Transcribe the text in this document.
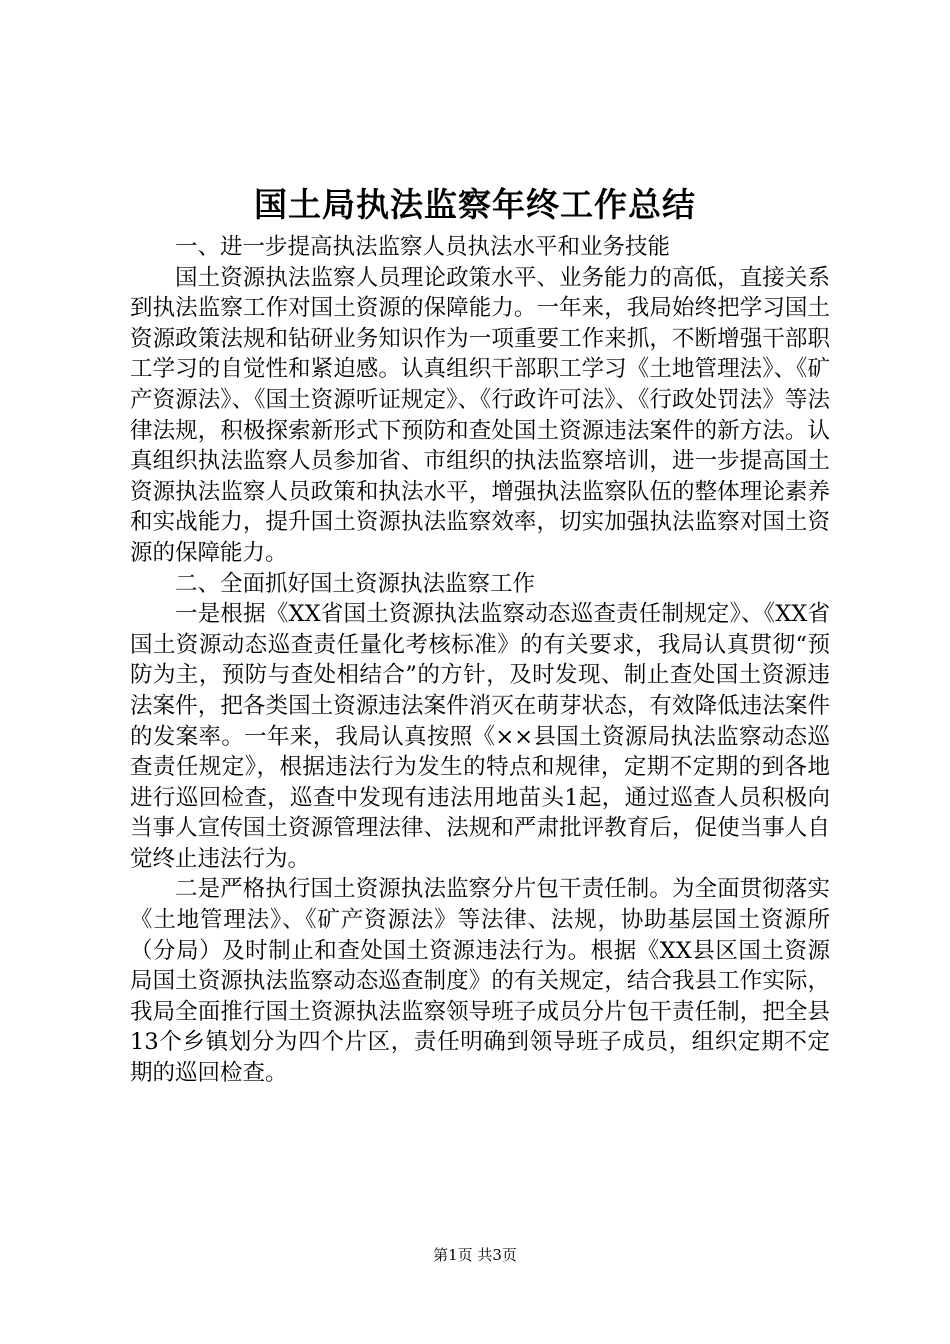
国土局执法监察年终工作总结

一、进一步提高执法监察人员执法水平和业务技能

国土资源执法监察人员理论政策水平、业务能力的高低，直接关系到执法监察工作对国土资源的保障能力。一年来，我局始终把学习国土资源政策法规和钻研业务知识作为一项重要工作来抓，不断增强干部职工学习的自觉性和紧迫感。认真组织干部职工学习《土地管理法》、《矿产资源法》、《国土资源听证规定》、《行政许可法》、《行政处罚法》等法律法规，积极探索新形式下预防和查处国土资源违法案件的新方法。认真组织执法监察人员参加省、市组织的执法监察培训，进一步提高国土资源执法监察人员政策和执法水平，增强执法监察队伍的整体理论素养和实战能力，提升国土资源执法监察效率，切实加强执法监察对国土资源的保障能力。

二、全面抓好国土资源执法监察工作

一是根据《XX省国土资源执法监察动态巡查责任制规定》、《XX省国土资源动态巡查责任量化考核标准》的有关要求，我局认真贯彻“预防为主，预防与查处相结合”的方针，及时发现、制止查处国土资源违法案件，把各类国土资源违法案件消灭在萌芽状态，有效降低违法案件的发案率。一年来，我局认真按照《××县国土资源局执法监察动态巡查责任规定》，根据违法行为发生的特点和规律，定期不定期的到各地进行巡回检查，巡查中发现有违法用地苗头1起，通过巡查人员积极向当事人宣传国土资源管理法律、法规和严肃批评教育后，促使当事人自觉终止违法行为。

二是严格执行国土资源执法监察分片包干责任制。为全面贯彻落实《土地管理法》、《矿产资源法》等法律、法规，协助基层国土资源所（分局）及时制止和查处国土资源违法行为。根据《XX县区国土资源局国土资源执法监察动态巡查制度》的有关规定，结合我县工作实际，我局全面推行国土资源执法监察领导班子成员分片包干责任制，把全县13个乡镇划分为四个片区，责任明确到领导班子成员，组织定期不定期的巡回检查。

第1页 共3页
